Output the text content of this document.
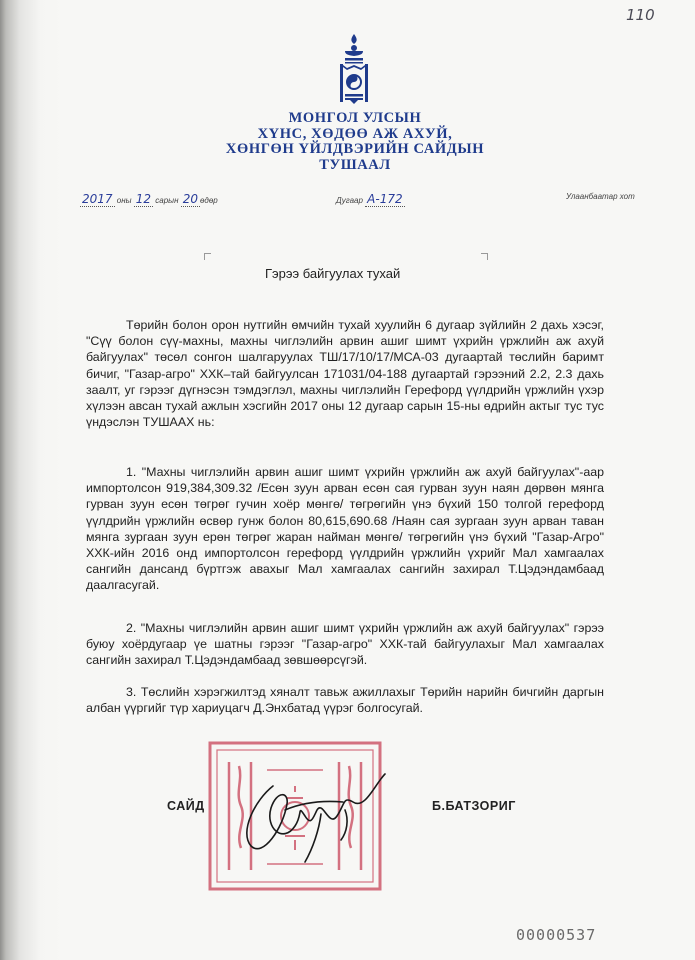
110
МОНГОЛ УЛСЫН
ХҮНС, ХӨДӨӨ АЖ АХУЙ,
ХӨНГӨН ҮЙЛДВЭРИЙН САЙДЫН
ТУШААЛ
2017 оны 12 сарын 20 өдөр	Дугаар А-172	Улаанбаатар хот
Гэрээ байгуулах тухай

Төрийн болон орон нутгийн өмчийн тухай хуулийн 6 дугаар зүйлийн 2 дахь хэсэг, "Сүү болон сүү-махны, махны чиглэлийн арвин ашиг шимт үхрийн үржлийн аж ахуй байгуулах" төсөл сонгон шалгаруулах ТШ/17/10/17/МСА-03 дугаартай төслийн баримт бичиг, "Газар-агро" ХХК–тай байгуулсан 171031/04-188 дугаартай гэрээний 2.2, 2.3 дахь заалт, уг гэрээг дүгнэсэн тэмдэглэл, махны чиглэлийн Герефорд үүлдрийн үржлийн үхэр хүлээн авсан тухай ажлын хэсгийн 2017 оны 12 дугаар сарын 15-ны өдрийн актыг тус тус үндэслэн ТУШААХ нь:

1. "Махны чиглэлийн арвин ашиг шимт үхрийн үржлийн аж ахуй байгуулах"-аар импортолсон 919,384,309.32 /Есөн зуун арван есөн сая гурван зуун наян дөрвөн мянга гурван зуун есөн төгрөг гучин хоёр мөнгө/ төгрөгийн үнэ бүхий 150 толгой герефорд үүлдрийн үржлийн өсвөр гунж болон 80,615,690.68 /Наян сая зургаан зуун арван таван мянга зургаан зуун ерөн төгрөг жаран найман мөнгө/ төгрөгийн үнэ бүхий "Газар-Агро" ХХК-ийн 2016 онд импортолсон герефорд үүлдрийн үржлийн үхрийг Мал хамгаалах сангийн дансанд бүртгэж авахыг Мал хамгаалах сангийн захирал Т.Цэдэндамбаад даалгасугай.

2. "Махны чиглэлийн арвин ашиг шимт үхрийн үржлийн аж ахуй байгуулах" гэрээ буюу хоёрдугаар үе шатны гэрээг "Газар-агро" ХХК-тай байгуулахыг Мал хамгаалах сангийн захирал Т.Цэдэндамбаад зөвшөөрсүгэй.

3. Төслийн хэрэгжилтэд хяналт тавьж ажиллахыг Төрийн нарийн бичгийн даргын албан үүргийг түр хариуцагч Д.Энхбатад үүрэг болгосугай.

САЙД	Б.БАТЗОРИГ
00000537
